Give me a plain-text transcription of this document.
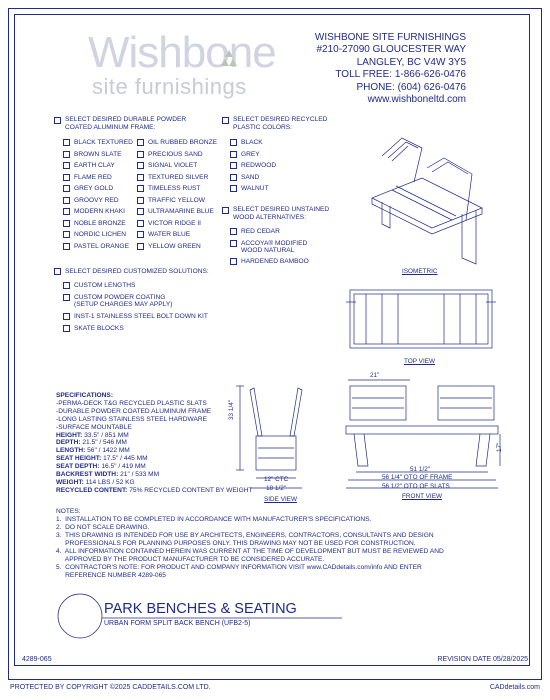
Wishbone
site furnishings
WISHBONE SITE FURNISHINGS
#210-27090 GLOUCESTER WAY
LANGLEY, BC V4W 3Y5
TOLL FREE: 1-866-626-0476
PHONE: (604) 626-0476
www.wishboneltd.com
SELECT DESIRED DURABLE POWDER
COATED ALUMINUM FRAME:
BLACK TEXTURED
BROWN SLATE
EARTH CLAY
FLAME RED
GREY GOLD
GROOVY RED
MODERN KHAKI
NOBLE BRONZE
NORDIC LICHEN
PASTEL ORANGE
OIL RUBBED BRONZE
PRECIOUS SAND
SIGNAL VIOLET
TEXTURED SILVER
TIMELESS RUST
TRAFFIC YELLOW
ULTRAMARINE BLUE
VICTOR RIDGE II
WATER BLUE
YELLOW GREEN
SELECT DESIRED RECYCLED
PLASTIC COLORS:
BLACK
GREY
REDWOOD
SAND
WALNUT
SELECT DESIRED UNSTAINED
WOOD ALTERNATIVES:
RED CEDAR
ACCOYA® MODIFIED
WOOD NATURAL
HARDENED BAMBOO
SELECT DESIRED CUSTOMIZED SOLUTIONS:
CUSTOM LENGTHS
CUSTOM POWDER COATING
(SETUP CHARGES MAY APPLY)
INST-1 STAINLESS STEEL BOLT DOWN KIT
SKATE BLOCKS
ISOMETRIC
TOP VIEW
33 1/4"
12" CTC
18 1/2"
SIDE VIEW
21"
17"
51 1/2"
56 1/4" OTO OF FRAME
56 1/2" OTO OF SLATS
FRONT VIEW
SPECIFICATIONS:
-PERMA-DECK T&G RECYCLED PLASTIC SLATS
-DURABLE POWDER COATED ALUMINUM FRAME
-LONG LASTING STAINLESS STEEL HARDWARE
-SURFACE MOUNTABLE
HEIGHT: 33.5" / 851 MM
DEPTH: 21.5" / 546 MM
LENGTH: 56" / 1422 MM
SEAT HEIGHT: 17.5" / 445 MM
SEAT DEPTH: 16.5" / 419 MM
BACKREST WIDTH: 21" / 533 MM
WEIGHT: 114 LBS / 52 KG
RECYCLED CONTENT: 75% RECYCLED CONTENT BY WEIGHT
NOTES:
1.  INSTALLATION TO BE COMPLETED IN ACCORDANCE WITH MANUFACTURER'S SPECIFICATIONS.
2.  DO NOT SCALE DRAWING.
3.  THIS DRAWING IS INTENDED FOR USE BY ARCHITECTS, ENGINEERS, CONTRACTORS, CONSULTANTS AND DESIGN
PROFESSIONALS FOR PLANNING PURPOSES ONLY. THIS DRAWING MAY NOT BE USED FOR CONSTRUCTION.
4.  ALL INFORMATION CONTAINED HEREIN WAS CURRENT AT THE TIME OF DEVELOPMENT BUT MUST BE REVIEWED AND
APPROVED BY THE PRODUCT MANUFACTURER TO BE CONSIDERED ACCURATE.
5.  CONTRACTOR'S NOTE: FOR PRODUCT AND COMPANY INFORMATION VISIT www.CADdetails.com/info AND ENTER
REFERENCE NUMBER 4289-065
PARK BENCHES & SEATING
URBAN FORM SPLIT BACK BENCH (UFB2-5)
4289-065	REVISION DATE 05/28/2025
PROTECTED BY COPYRIGHT ©2025 CADDETAILS.COM LTD.	CADdetails.com
